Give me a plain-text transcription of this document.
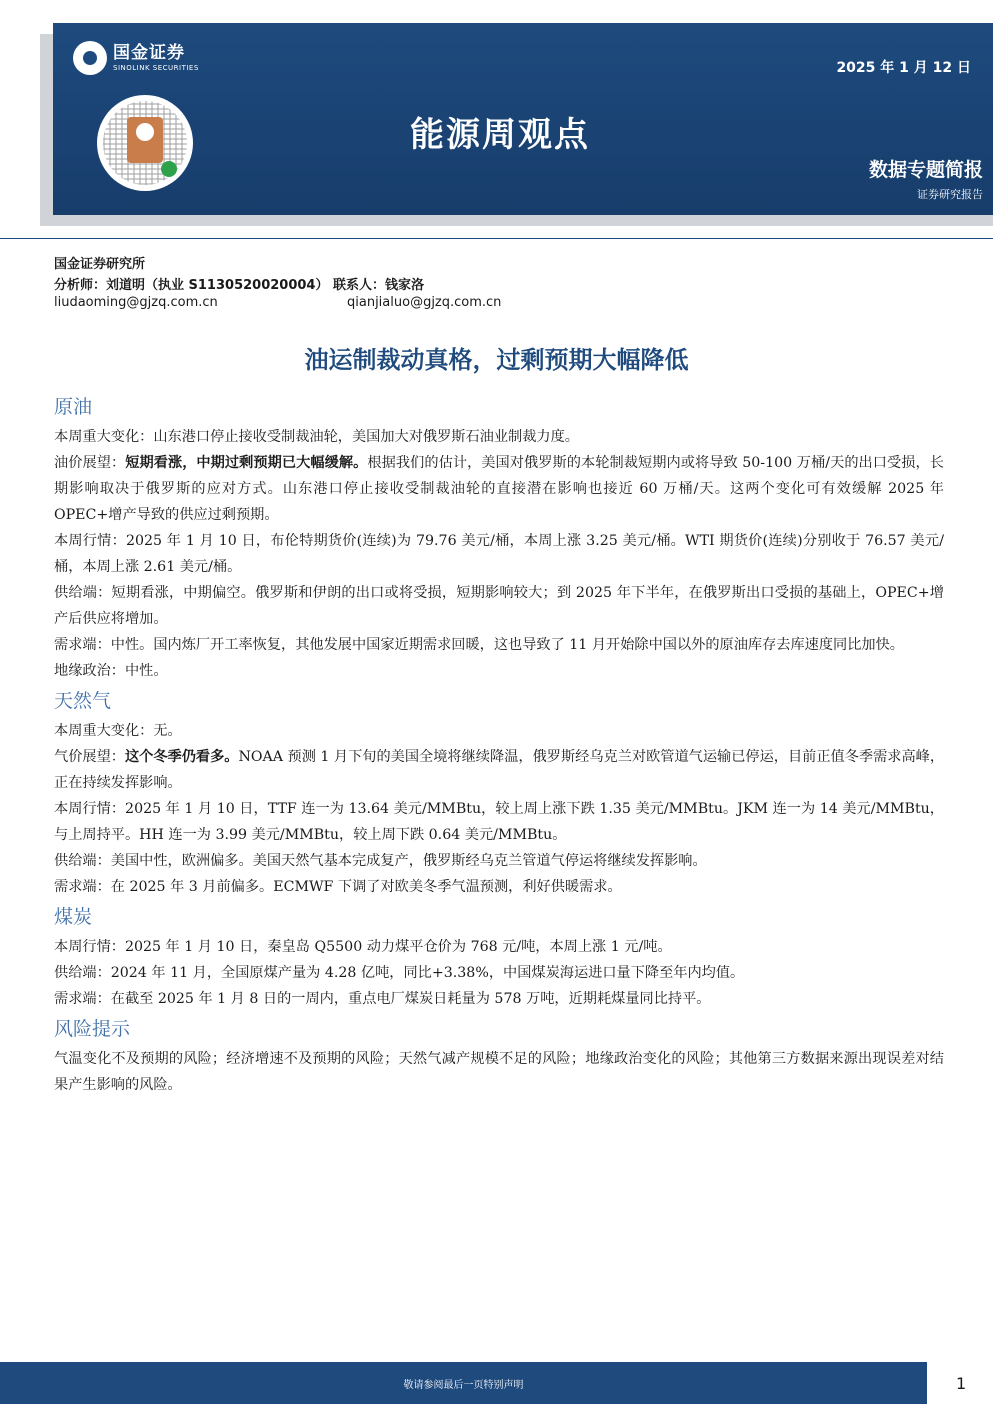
国金证券
SINOLINK SECURITIES	2025 年 1 月 12 日
能源周观点
数据专题简报
证券研究报告
国金证券研究所
分析师：刘道明（执业 S1130520020004） 联系人：钱家洛
liudaoming@gjzq.com.cn	qianjialuo@gjzq.com.cn
油运制裁动真格，过剩预期大幅降低
原油

本周重大变化：山东港口停止接收受制裁油轮，美国加大对俄罗斯石油业制裁力度。

油价展望：短期看涨，中期过剩预期已大幅缓解。根据我们的估计，美国对俄罗斯的本轮制裁短期内或将导致 50-100 万桶/天的出口受损，长期影响取决于俄罗斯的应对方式。山东港口停止接收受制裁油轮的直接潜在影响也接近 60 万桶/天。这两个变化可有效缓解 2025 年 OPEC+增产导致的供应过剩预期。

本周行情：2025 年 1 月 10 日，布伦特期货价(连续)为 79.76 美元/桶，本周上涨 3.25 美元/桶。WTI 期货价(连续)分别收于 76.57 美元/桶，本周上涨 2.61 美元/桶。

供给端：短期看涨，中期偏空。俄罗斯和伊朗的出口或将受损，短期影响较大；到 2025 年下半年，在俄罗斯出口受损的基础上，OPEC+增产后供应将增加。

需求端：中性。国内炼厂开工率恢复，其他发展中国家近期需求回暖，这也导致了 11 月开始除中国以外的原油库存去库速度同比加快。

地缘政治：中性。

天然气

本周重大变化：无。

气价展望：这个冬季仍看多。NOAA 预测 1 月下旬的美国全境将继续降温，俄罗斯经乌克兰对欧管道气运输已停运，目前正值冬季需求高峰，正在持续发挥影响。

本周行情：2025 年 1 月 10 日，TTF 连一为 13.64 美元/MMBtu，较上周上涨下跌 1.35 美元/MMBtu。JKM 连一为 14 美元/MMBtu，与上周持平。HH 连一为 3.99 美元/MMBtu，较上周下跌 0.64 美元/MMBtu。

供给端：美国中性，欧洲偏多。美国天然气基本完成复产，俄罗斯经乌克兰管道气停运将继续发挥影响。

需求端：在 2025 年 3 月前偏多。ECMWF 下调了对欧美冬季气温预测，利好供暖需求。

煤炭

本周行情：2025 年 1 月 10 日，秦皇岛 Q5500 动力煤平仓价为 768 元/吨，本周上涨 1 元/吨。

供给端：2024 年 11 月，全国原煤产量为 4.28 亿吨，同比+3.38%，中国煤炭海运进口量下降至年内均值。

需求端：在截至 2025 年 1 月 8 日的一周内，重点电厂煤炭日耗量为 578 万吨，近期耗煤量同比持平。

风险提示

气温变化不及预期的风险；经济增速不及预期的风险；天然气减产规模不足的风险；地缘政治变化的风险；其他第三方数据来源出现误差对结果产生影响的风险。

敬请参阅最后一页特别声明	1
